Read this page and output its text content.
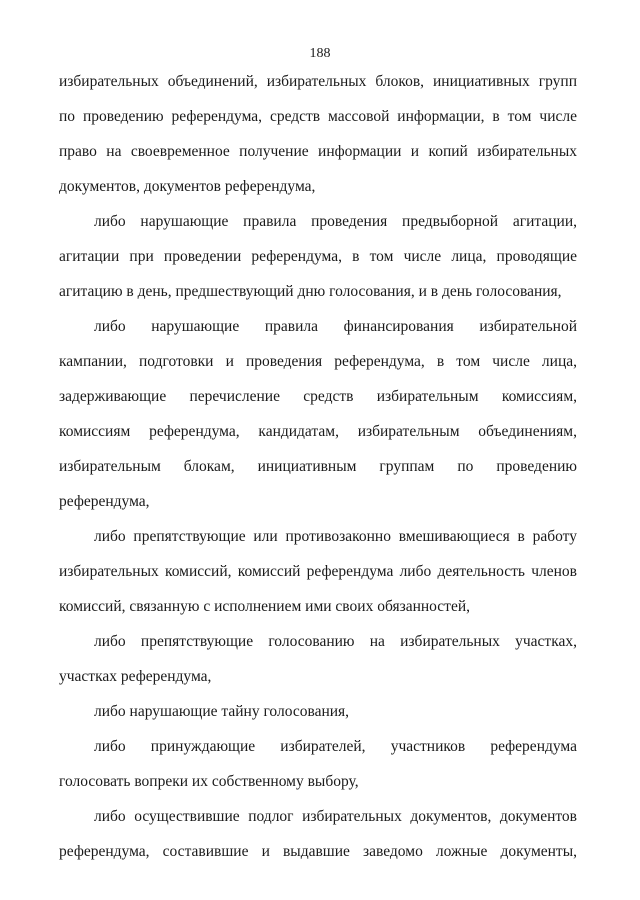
188
избирательных объединений, избирательных блоков, инициативных групп
по проведению референдума, средств массовой информации, в том числе
право на своевременное получение информации и копий избирательных
документов, документов референдума,
либо нарушающие правила проведения предвыборной агитации,
агитации при проведении референдума, в том числе лица, проводящие
агитацию в день, предшествующий дню голосования, и в день голосования,
либо нарушающие правила финансирования избирательной
кампании, подготовки и проведения референдума, в том числе лица,
задерживающие перечисление средств избирательным комиссиям,
комиссиям референдума, кандидатам, избирательным объединениям,
избирательным блокам, инициативным группам по проведению
референдума,
либо препятствующие или противозаконно вмешивающиеся в работу
избирательных комиссий, комиссий референдума либо деятельность членов
комиссий, связанную с исполнением ими своих обязанностей,
либо препятствующие голосованию на избирательных участках,
участках референдума,
либо нарушающие тайну голосования,
либо принуждающие избирателей, участников референдума
голосовать вопреки их собственному выбору,
либо осуществившие подлог избирательных документов, документов
референдума, составившие и выдавшие заведомо ложные документы,
